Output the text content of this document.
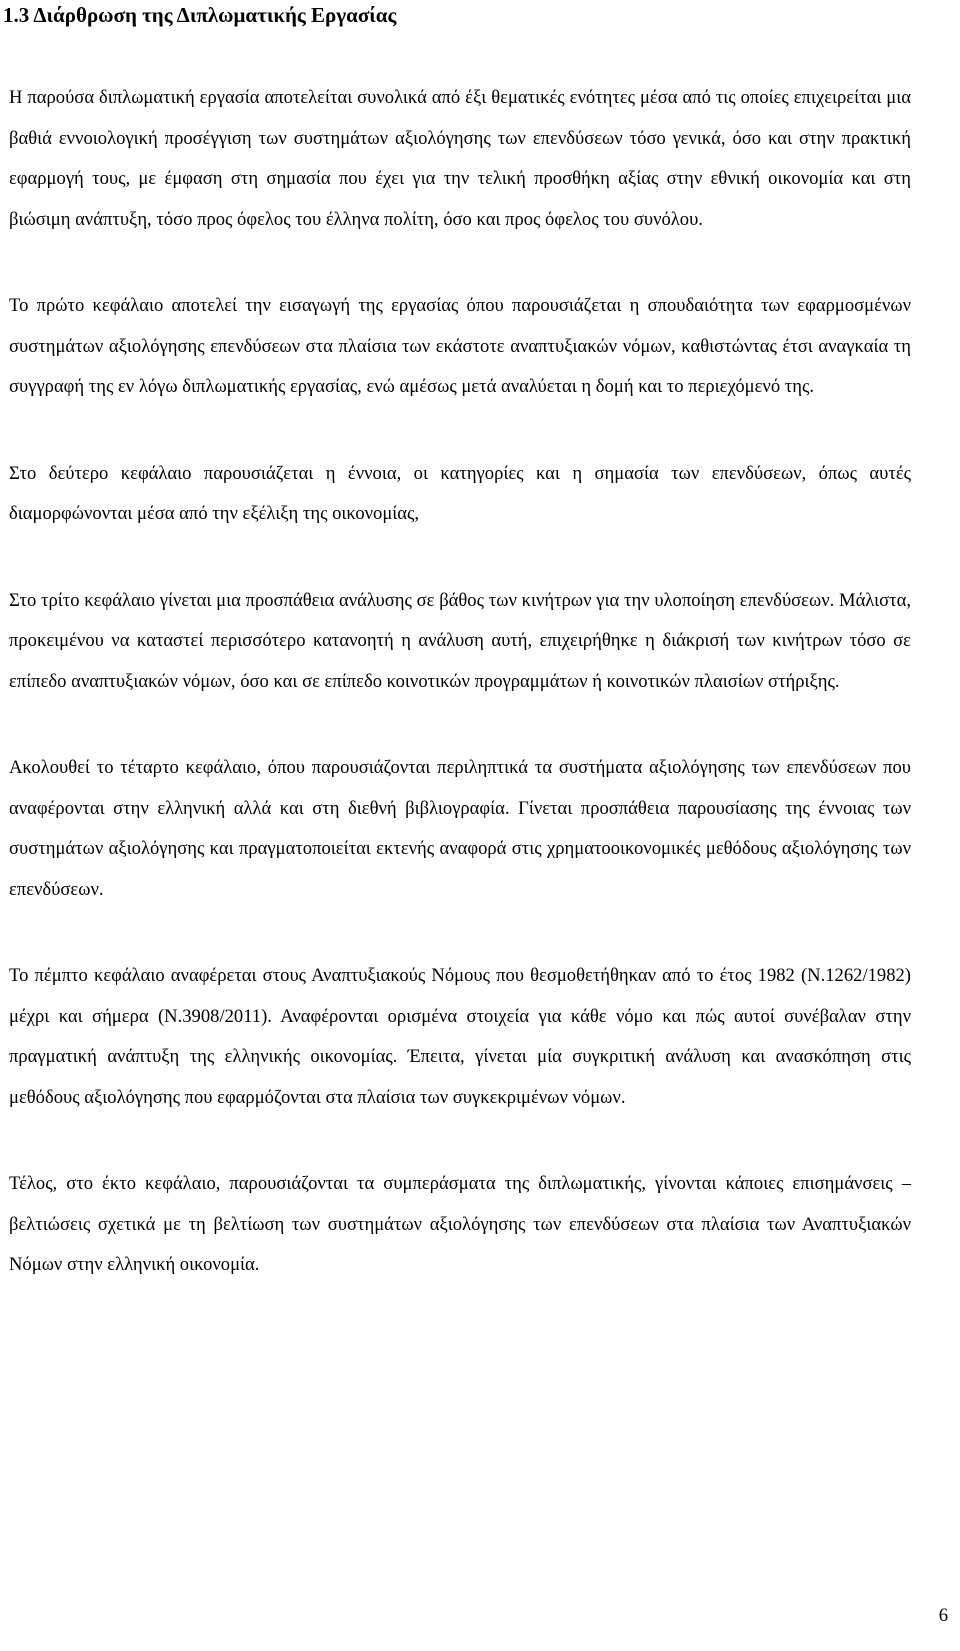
1.3 Διάρθρωση της Διπλωματικής Εργασίας

Η παρούσα διπλωματική εργασία αποτελείται συνολικά από έξι θεματικές ενότητες μέσα από τις οποίες επιχειρείται μια βαθιά εννοιολογική προσέγγιση των συστημάτων αξιολόγησης των επενδύσεων τόσο γενικά, όσο και στην πρακτική εφαρμογή τους, με έμφαση στη σημασία που έχει για την τελική προσθήκη αξίας στην εθνική οικονομία και στη βιώσιμη ανάπτυξη, τόσο προς όφελος του έλληνα πολίτη, όσο και προς όφελος του συνόλου.

Το πρώτο κεφάλαιο αποτελεί την εισαγωγή της εργασίας όπου παρουσιάζεται η σπουδαιότητα των εφαρμοσμένων συστημάτων αξιολόγησης επενδύσεων στα πλαίσια των εκάστοτε αναπτυξιακών νόμων, καθιστώντας έτσι αναγκαία τη συγγραφή της εν λόγω διπλωματικής εργασίας, ενώ αμέσως μετά αναλύεται η δομή και το περιεχόμενό της.

Στο δεύτερο κεφάλαιο παρουσιάζεται η έννοια, οι κατηγορίες και η σημασία των επενδύσεων, όπως αυτές διαμορφώνονται μέσα από την εξέλιξη της οικονομίας,

Στο τρίτο κεφάλαιο γίνεται μια προσπάθεια ανάλυσης σε βάθος των κινήτρων για την υλοποίηση επενδύσεων. Μάλιστα, προκειμένου να καταστεί περισσότερο κατανοητή η ανάλυση αυτή, επιχειρήθηκε η διάκρισή των κινήτρων τόσο σε επίπεδο αναπτυξιακών νόμων, όσο και σε επίπεδο κοινοτικών προγραμμάτων ή κοινοτικών πλαισίων στήριξης.

Ακολουθεί το τέταρτο κεφάλαιο, όπου παρουσιάζονται περιληπτικά τα συστήματα αξιολόγησης των επενδύσεων που αναφέρονται στην ελληνική αλλά και στη διεθνή βιβλιογραφία. Γίνεται προσπάθεια παρουσίασης της έννοιας των συστημάτων αξιολόγησης και πραγματοποιείται εκτενής αναφορά στις χρηματοοικονομικές μεθόδους αξιολόγησης των επενδύσεων.

Το πέμπτο κεφάλαιο αναφέρεται στους Αναπτυξιακούς Νόμους που θεσμοθετήθηκαν από το έτος 1982 (Ν.1262/1982) μέχρι και σήμερα (Ν.3908/2011). Αναφέρονται ορισμένα στοιχεία για κάθε νόμο και πώς αυτοί συνέβαλαν στην πραγματική ανάπτυξη της ελληνικής οικονομίας. Έπειτα, γίνεται μία συγκριτική ανάλυση και ανασκόπηση στις μεθόδους αξιολόγησης που εφαρμόζονται στα πλαίσια των συγκεκριμένων νόμων.

Τέλος, στο έκτο κεφάλαιο, παρουσιάζονται τα συμπεράσματα της διπλωματικής, γίνονται κάποιες επισημάνσεις – βελτιώσεις σχετικά με τη βελτίωση των συστημάτων αξιολόγησης των επενδύσεων στα πλαίσια των Αναπτυξιακών Νόμων στην ελληνική οικονομία.

6
